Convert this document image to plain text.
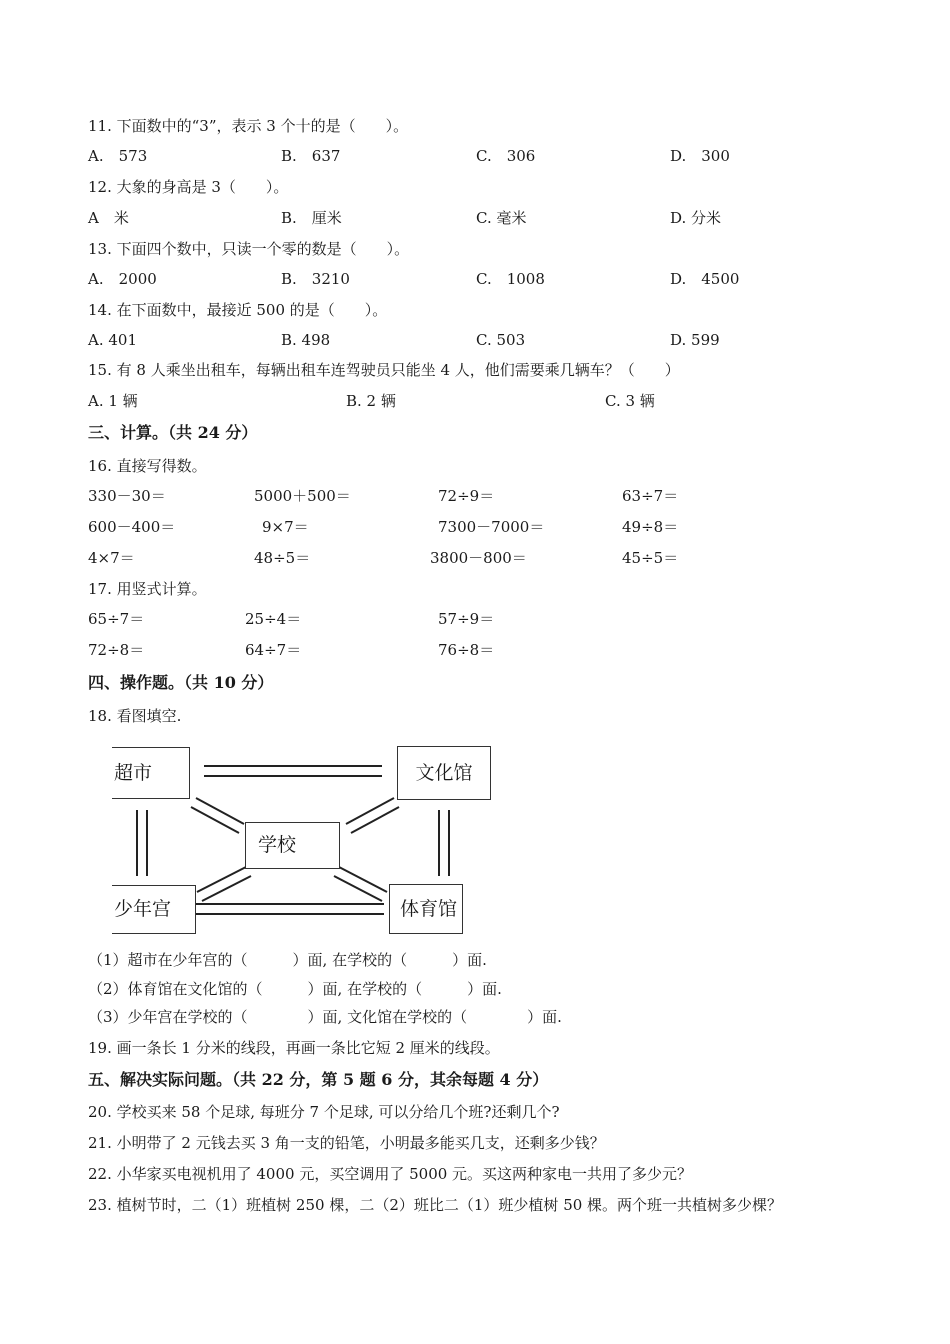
11. 下面数中的“3”，表示 3 个十的是（　　）。
A.　573	B.　637	C.　306	D.　300
12. 大象的身高是 3（　　）。
A　米	B.　厘米	C. 毫米	D. 分米
13. 下面四个数中，只读一个零的数是（　　）。
A.　2000	B.　3210	C.　1008	D.　4500
14. 在下面数中，最接近 500 的是（　　）。
A. 401	B. 498	C. 503	D. 599
15. 有 8 人乘坐出租车，每辆出租车连驾驶员只能坐 4 人，他们需要乘几辆车？（　　）
A. 1 辆	B. 2 辆	C. 3 辆
三、计算。（共 24 分）
16. 直接写得数。
330－30＝	5000＋500＝	72÷9＝	63÷7＝
600－400＝	9×7＝	7300－7000＝	49÷8＝
4×7＝	48÷5＝	3800－800＝	45÷5＝
17. 用竖式计算。
65÷7＝	25÷4＝	57÷9＝
72÷8＝	64÷7＝	76÷8＝
四、操作题。（共 10 分）
18. 看图填空.
超市	文化馆
学校
少年宫	体育馆
（1）超市在少年宫的（　　　）面, 在学校的（　　　）面.
（2）体育馆在文化馆的（　　　）面, 在学校的（　　　）面.
（3）少年宫在学校的（　　　　）面, 文化馆在学校的（　　　　）面.
19. 画一条长 1 分米的线段，再画一条比它短 2 厘米的线段。
五、解决实际问题。（共 22 分，第 5 题 6 分，其余每题 4 分）
20. 学校买来 58 个足球, 每班分 7 个足球, 可以分给几个班?还剩几个?
21. 小明带了 2 元钱去买 3 角一支的铅笔，小明最多能买几支，还剩多少钱？
22. 小华家买电视机用了 4000 元，买空调用了 5000 元。买这两种家电一共用了多少元？
23. 植树节时，二（1）班植树 250 棵，二（2）班比二（1）班少植树 50 棵。两个班一共植树多少棵？
